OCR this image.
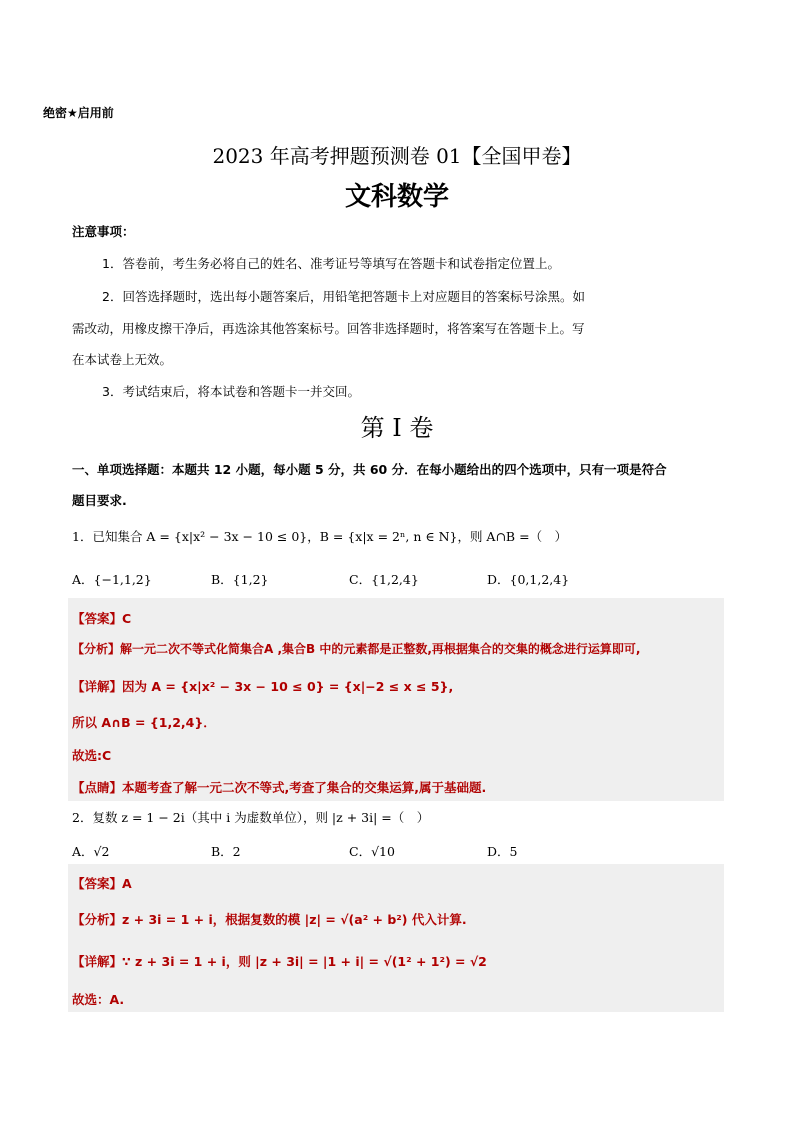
绝密★启用前
2023 年高考押题预测卷 01【全国甲卷】
文科数学
注意事项：
1．答卷前，考生务必将自己的姓名、准考证号等填写在答题卡和试卷指定位置上。
2．回答选择题时，选出每小题答案后，用铅笔把答题卡上对应题目的答案标号涂黑。如
需改动，用橡皮擦干净后，再选涂其他答案标号。回答非选择题时，将答案写在答题卡上。写
在本试卷上无效。
3．考试结束后，将本试卷和答题卡一并交回。
第 I 卷
一、单项选择题：本题共 12 小题，每小题 5 分，共 60 分．在每小题给出的四个选项中，只有一项是符合
题目要求.
1．已知集合 A = {x|x² − 3x − 10 ≤ 0}，B = {x|x = 2ⁿ, n ∈ N}，则 A∩B =（　）
A．{−1,1,2}	B．{1,2}	C．{1,2,4}	D．{0,1,2,4}
【答案】C
【分析】解一元二次不等式化简集合A ,集合B 中的元素都是正整数,再根据集合的交集的概念进行运算即可,
【详解】因为 A = {x|x² − 3x − 10 ≤ 0} = {x|−2 ≤ x ≤ 5},
所以 A∩B = {1,2,4}．
故选:C
【点睛】本题考查了解一元二次不等式,考查了集合的交集运算,属于基础题.
2．复数 z = 1 − 2i（其中 i 为虚数单位），则 |z + 3i| =（　）
A．√2	B．2	C．√10	D．5
【答案】A
【分析】z + 3i = 1 + i，根据复数的模 |z| = √(a² + b²) 代入计算.
【详解】∵ z + 3i = 1 + i，则 |z + 3i| = |1 + i| = √(1² + 1²) = √2
故选：A.
